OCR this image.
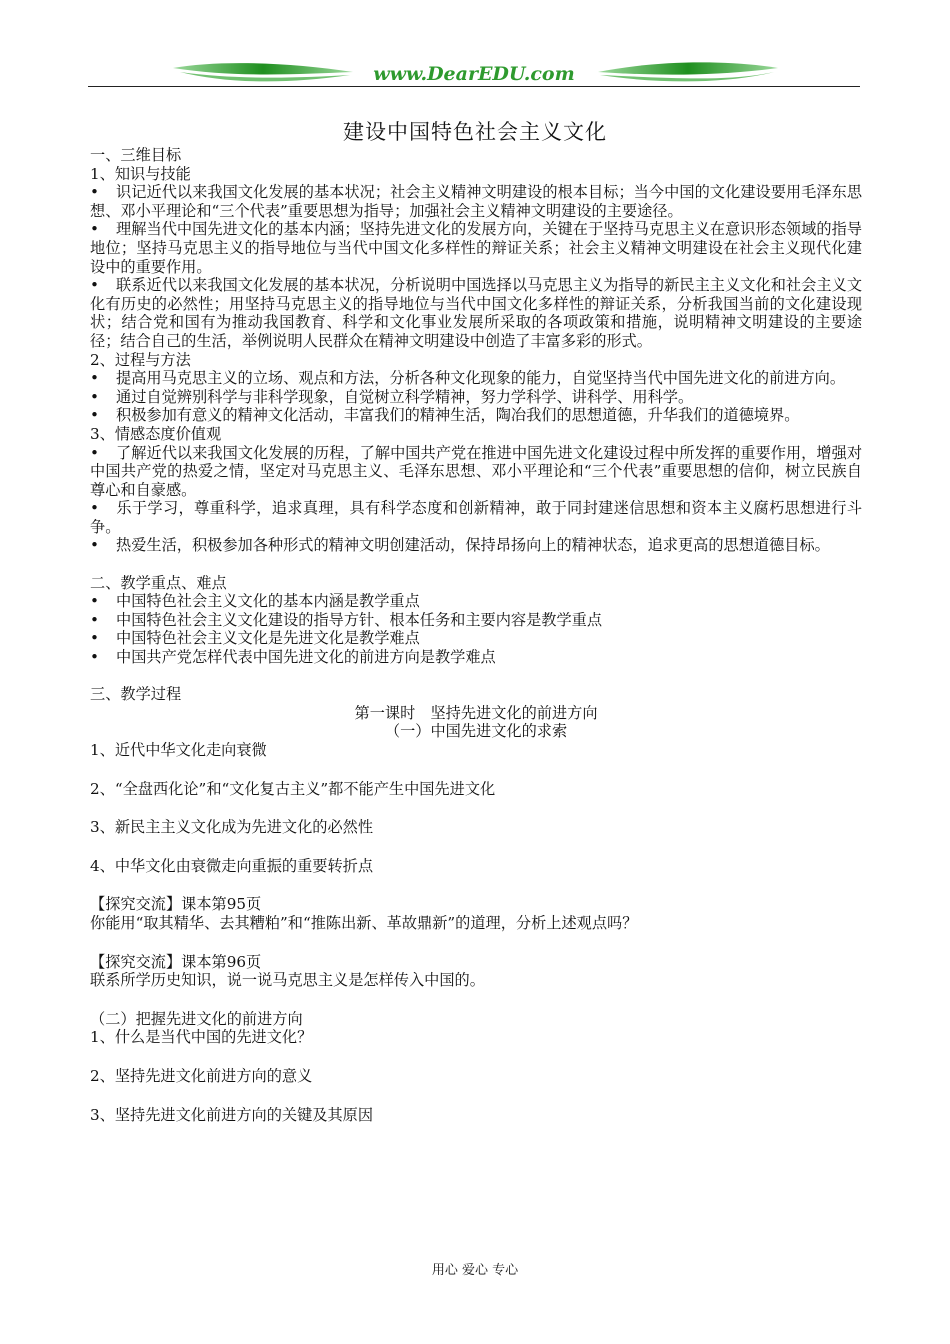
www.DearEDU.com
建设中国特色社会主义文化

一、三维目标

1、知识与技能

• 识记近代以来我国文化发展的基本状况；社会主义精神文明建设的根本目标；当今中国的文化建设要用毛泽东思想、邓小平理论和“三个代表”重要思想为指导；加强社会主义精神文明建设的主要途径。

• 理解当代中国先进文化的基本内涵；坚持先进文化的发展方向，关键在于坚持马克思主义在意识形态领域的指导地位；坚持马克思主义的指导地位与当代中国文化多样性的辩证关系；社会主义精神文明建设在社会主义现代化建设中的重要作用。

• 联系近代以来我国文化发展的基本状况，分析说明中国选择以马克思主义为指导的新民主主义文化和社会主义文化有历史的必然性；用坚持马克思主义的指导地位与当代中国文化多样性的辩证关系，分析我国当前的文化建设现状；结合党和国有为推动我国教育、科学和文化事业发展所采取的各项政策和措施，说明精神文明建设的主要途径；结合自己的生活，举例说明人民群众在精神文明建设中创造了丰富多彩的形式。

2、过程与方法

• 提高用马克思主义的立场、观点和方法，分析各种文化现象的能力，自觉坚持当代中国先进文化的前进方向。

• 通过自觉辨别科学与非科学现象，自觉树立科学精神，努力学科学、讲科学、用科学。

• 积极参加有意义的精神文化活动，丰富我们的精神生活，陶冶我们的思想道德，升华我们的道德境界。

3、情感态度价值观

• 了解近代以来我国文化发展的历程，了解中国共产党在推进中国先进文化建设过程中所发挥的重要作用，增强对中国共产党的热爱之情，坚定对马克思主义、毛泽东思想、邓小平理论和“三个代表”重要思想的信仰，树立民族自尊心和自豪感。

• 乐于学习，尊重科学，追求真理，具有科学态度和创新精神，敢于同封建迷信思想和资本主义腐朽思想进行斗争。

• 热爱生活，积极参加各种形式的精神文明创建活动，保持昂扬向上的精神状态，追求更高的思想道德目标。

二、教学重点、难点

• 中国特色社会主义文化的基本内涵是教学重点

• 中国特色社会主义文化建设的指导方针、根本任务和主要内容是教学重点

• 中国特色社会主义文化是先进文化是教学难点

• 中国共产党怎样代表中国先进文化的前进方向是教学难点

三、教学过程

第一课时　坚持先进文化的前进方向

（一）中国先进文化的求索

1、近代中华文化走向衰微

2、“全盘西化论”和“文化复古主义”都不能产生中国先进文化

3、新民主主义文化成为先进文化的必然性

4、中华文化由衰微走向重振的重要转折点

【探究交流】课本第95页

你能用“取其精华、去其糟粕”和“推陈出新、革故鼎新”的道理，分析上述观点吗？

【探究交流】课本第96页

联系所学历史知识，说一说马克思主义是怎样传入中国的。

（二）把握先进文化的前进方向

1、什么是当代中国的先进文化？

2、坚持先进文化前进方向的意义

3、坚持先进文化前进方向的关键及其原因

用心 爱心 专心
